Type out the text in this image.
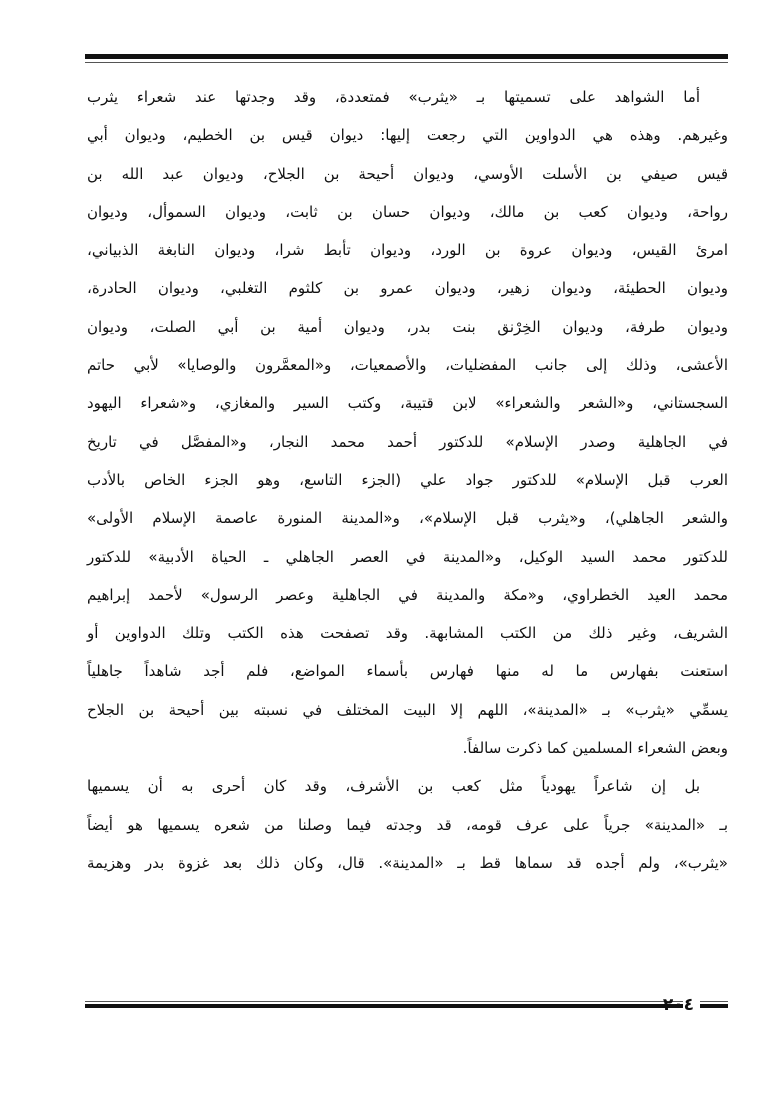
أما الشواهد على تسميتها بـ «يثرب» فمتعددة، وقد وجدتها عند شعراء يثرب
وغيرهم. وهذه هي الدواوين التي رجعت إليها: ديوان قيس بن الخطيم، وديوان أبي
قيس صيفي بن الأسلت الأوسي، وديوان أحيحة بن الجلاح، وديوان عبد الله بن
رواحة، وديوان كعب بن مالك، وديوان حسان بن ثابت، وديوان السموأل، وديوان
امرئ القيس، وديوان عروة بن الورد، وديوان تأبط شرا، وديوان النابغة الذبياني،
وديوان الحطيئة، وديوان زهير، وديوان عمرو بن كلثوم التغلبي، وديوان الحادرة،
وديوان طرفة، وديوان الخِرْنق بنت بدر، وديوان أمية بن أبي الصلت، وديوان
الأعشى، وذلك إلى جانب المفضليات، والأصمعيات، و«المعمَّرون والوصايا» لأبي حاتم
السجستاني، و«الشعر والشعراء» لابن قتيبة، وكتب السير والمغازي، و«شعراء اليهود
في الجاهلية وصدر الإسلام» للدكتور أحمد محمد النجار، و«المفصَّل في تاريخ
العرب قبل الإسلام» للدكتور جواد علي (الجزء التاسع، وهو الجزء الخاص بالأدب
والشعر الجاهلي)، و«يثرب قبل الإسلام»، و«المدينة المنورة عاصمة الإسلام الأولى»
للدكتور محمد السيد الوكيل، و«المدينة في العصر الجاهلي ـ الحياة الأدبية» للدكتور
محمد العيد الخطراوي، و«مكة والمدينة في الجاهلية وعصر الرسول» لأحمد إبراهيم
الشريف، وغير ذلك من الكتب المشابهة. وقد تصفحت هذه الكتب وتلك الدواوين أو
استعنت بفهارس ما له منها فهارس بأسماء المواضع، فلم أجد شاهداً جاهلياً
يسمِّي «يثرب» بـ «المدينة»، اللهم إلا البيت المختلف في نسبته بين أحيحة بن الجلاح
وبعض الشعراء المسلمين كما ذكرت سالفاً.
بل إن شاعراً يهودياً مثل كعب بن الأشرف، وقد كان أحرى به أن يسميها
بـ «المدينة» جرياً على عرف قومه، قد وجدته فيما وصلنا من شعره يسميها هو أيضاً
«يثرب»، ولم أجده قد سماها قط بـ «المدينة». قال، وكان ذلك بعد غزوة بدر وهزيمة
٢٠٤
